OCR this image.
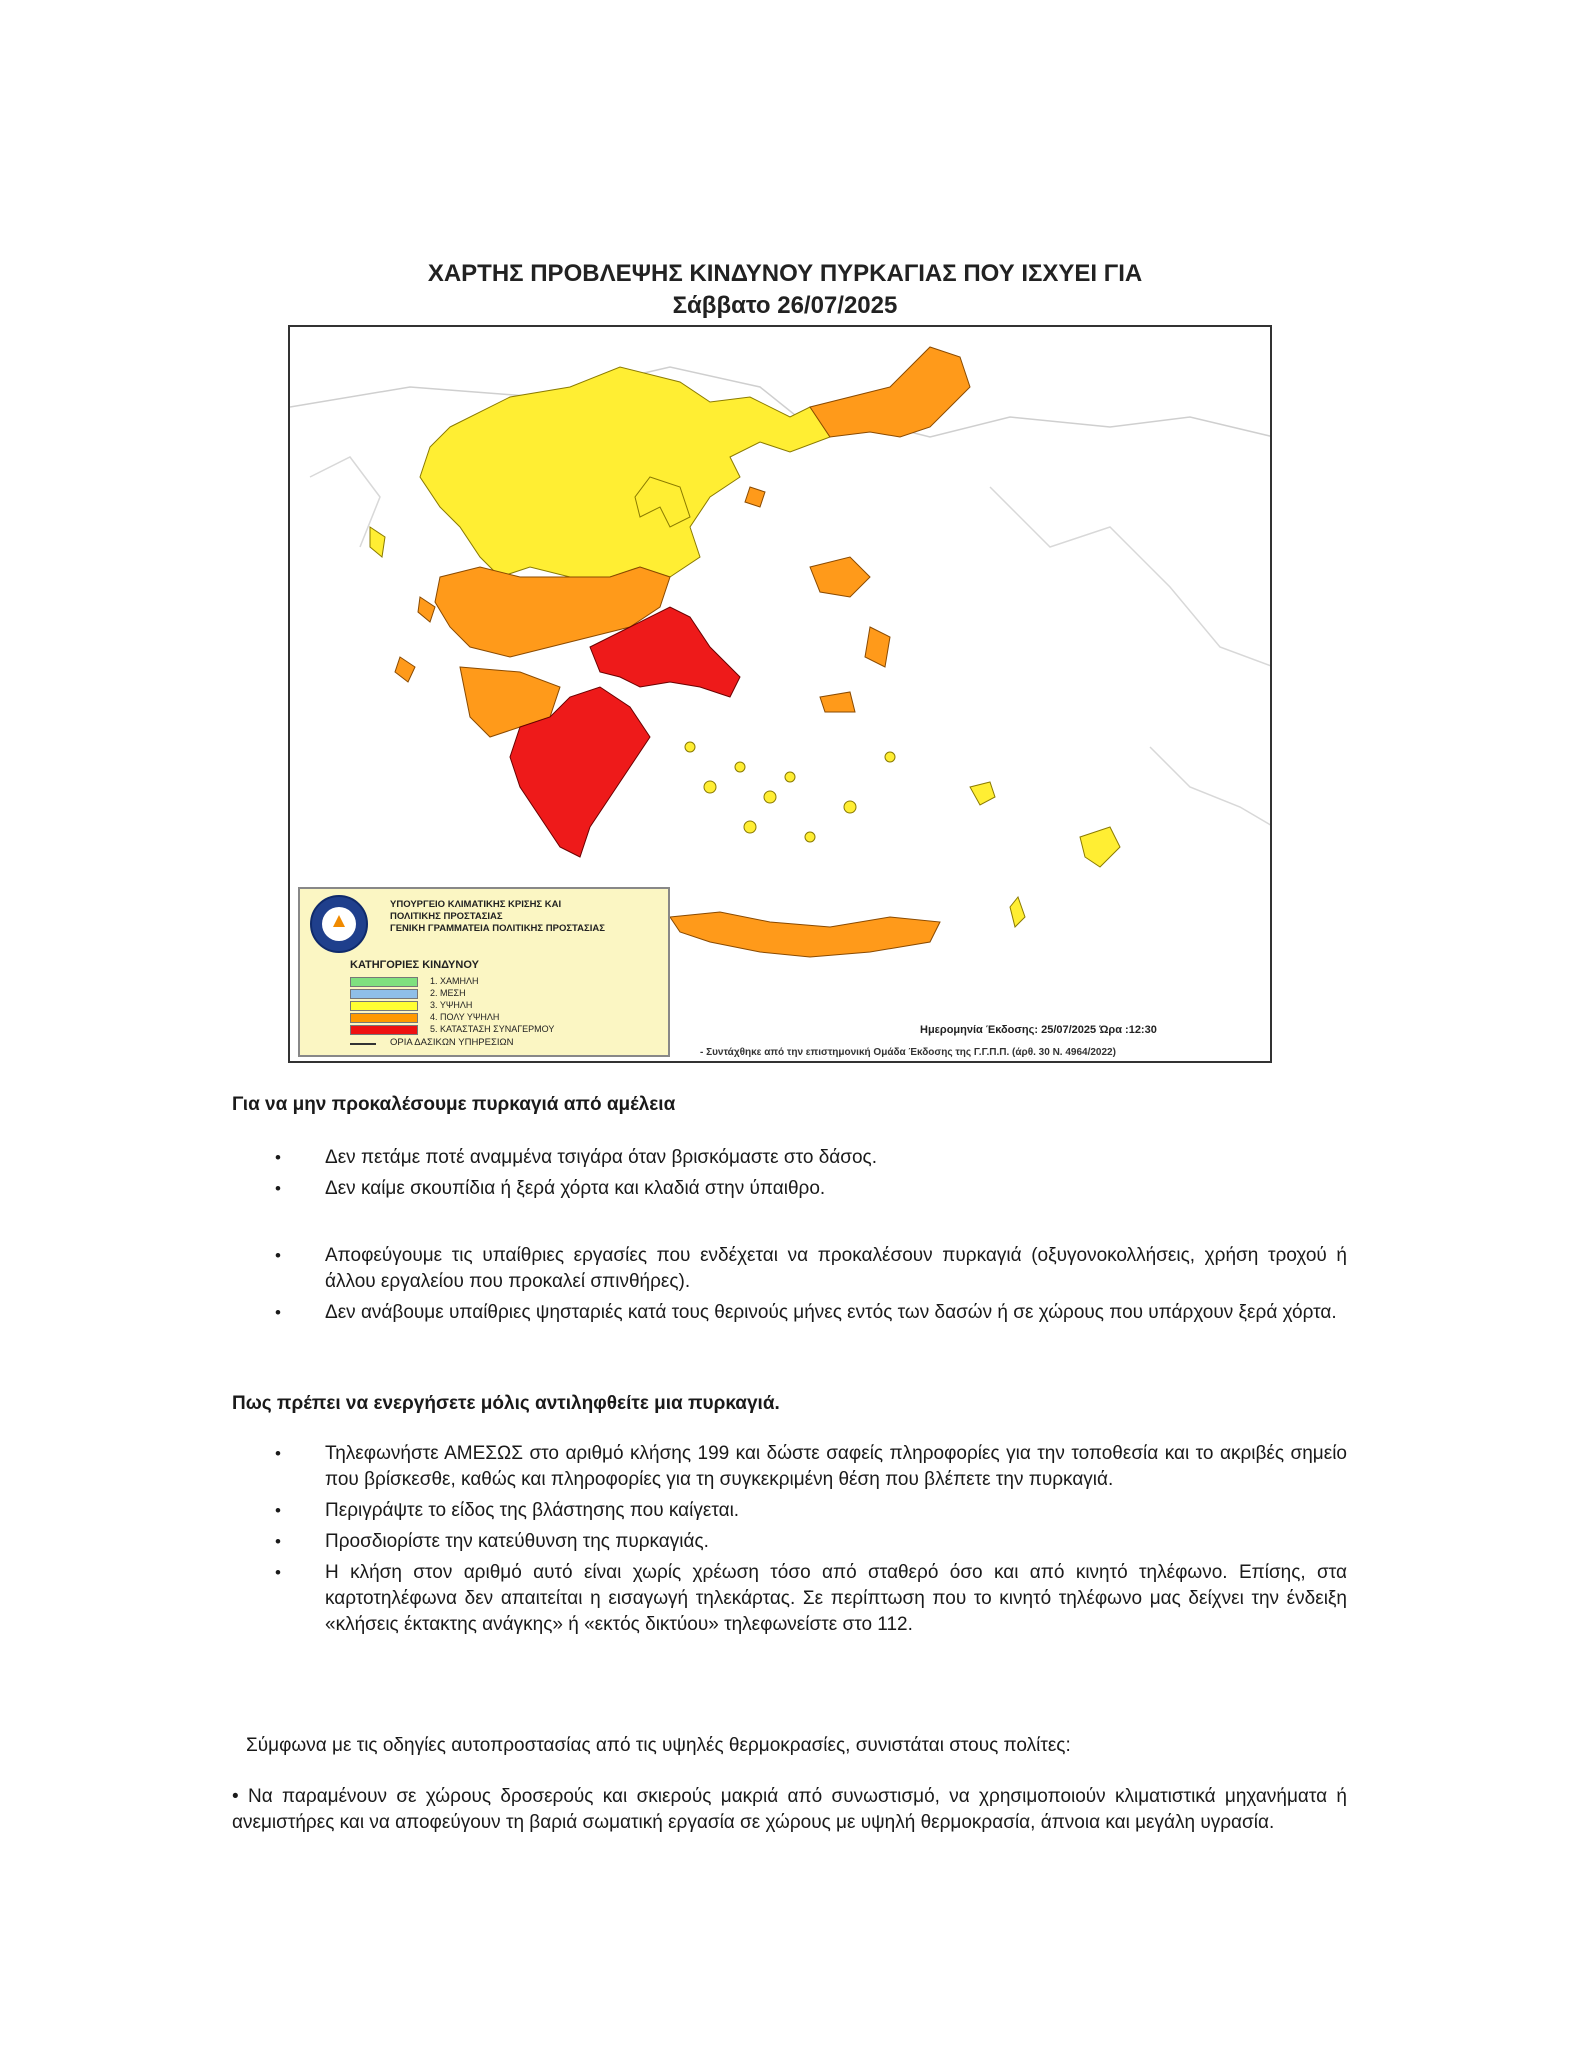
ΧΑΡΤΗΣ ΠΡΟΒΛΕΨΗΣ ΚΙΝΔΥΝΟΥ ΠΥΡΚΑΓΙΑΣ ΠΟΥ ΙΣΧΥΕΙ ΓΙΑ
Σάββατο 26/07/2025
ΥΠΟΥΡΓΕΙΟ ΚΛΙΜΑΤΙΚΗΣ ΚΡΙΣΗΣ ΚΑΙ
ΠΟΛΙΤΙΚΗΣ ΠΡΟΣΤΑΣΙΑΣ
ΓΕΝΙΚΗ ΓΡΑΜΜΑΤΕΙΑ ΠΟΛΙΤΙΚΗΣ ΠΡΟΣΤΑΣΙΑΣ
ΚΑΤΗΓΟΡΙΕΣ ΚΙΝΔΥΝΟΥ
1. ΧΑΜΗΛΗ
2. ΜΕΣΗ
3. ΥΨΗΛΗ
4. ΠΟΛΥ ΥΨΗΛΗ
5. ΚΑΤΑΣΤΑΣΗ ΣΥΝΑΓΕΡΜΟΥ
ΟΡΙΑ ΔΑΣΙΚΩΝ ΥΠΗΡΕΣΙΩΝ
Ημερομηνία Έκδοσης: 25/07/2025 Ώρα :12:30
- Συντάχθηκε από την επιστημονική Ομάδα Έκδοσης της Γ.Γ.Π.Π. (άρθ. 30 Ν. 4964/2022)
Για να μην προκαλέσουμε πυρκαγιά από αμέλεια
• Δεν πετάμε ποτέ αναμμένα τσιγάρα όταν βρισκόμαστε στο δάσος.
• Δεν καίμε σκουπίδια ή ξερά χόρτα και κλαδιά στην ύπαιθρο.
• Αποφεύγουμε τις υπαίθριες εργασίες που ενδέχεται να προκαλέσουν πυρκαγιά (οξυγονοκολλήσεις, χρήση τροχού ή άλλου εργαλείου που προκαλεί σπινθήρες).
• Δεν ανάβουμε υπαίθριες ψησταριές κατά τους θερινούς μήνες εντός των δασών ή σε χώρους που υπάρχουν ξερά χόρτα.
Πως πρέπει να ενεργήσετε μόλις αντιληφθείτε μια πυρκαγιά.
• Τηλεφωνήστε ΑΜΕΣΩΣ στο αριθμό κλήσης 199 και δώστε σαφείς πληροφορίες για την τοποθεσία και το ακριβές σημείο που βρίσκεσθε, καθώς και πληροφορίες για τη συγκεκριμένη θέση που βλέπετε την πυρκαγιά.
• Περιγράψτε το είδος της βλάστησης που καίγεται.
• Προσδιορίστε την κατεύθυνση της πυρκαγιάς.
• Η κλήση στον αριθμό αυτό είναι χωρίς χρέωση τόσο από σταθερό όσο και από κινητό τηλέφωνο. Επίσης, στα καρτοτηλέφωνα δεν απαιτείται η εισαγωγή τηλεκάρτας. Σε περίπτωση που το κινητό τηλέφωνο μας δείχνει την ένδειξη «κλήσεις έκτακτης ανάγκης» ή «εκτός δικτύου» τηλεφωνείστε στο 112.
Σύμφωνα με τις οδηγίες αυτοπροστασίας από τις υψηλές θερμοκρασίες, συνιστάται στους πολίτες:
• Να παραμένουν σε χώρους δροσερούς και σκιερούς μακριά από συνωστισμό, να χρησιμοποιούν κλιματιστικά μηχανήματα ή ανεμιστήρες και να αποφεύγουν τη βαριά σωματική εργασία σε χώρους με υψηλή θερμοκρασία, άπνοια και μεγάλη υγρασία.
